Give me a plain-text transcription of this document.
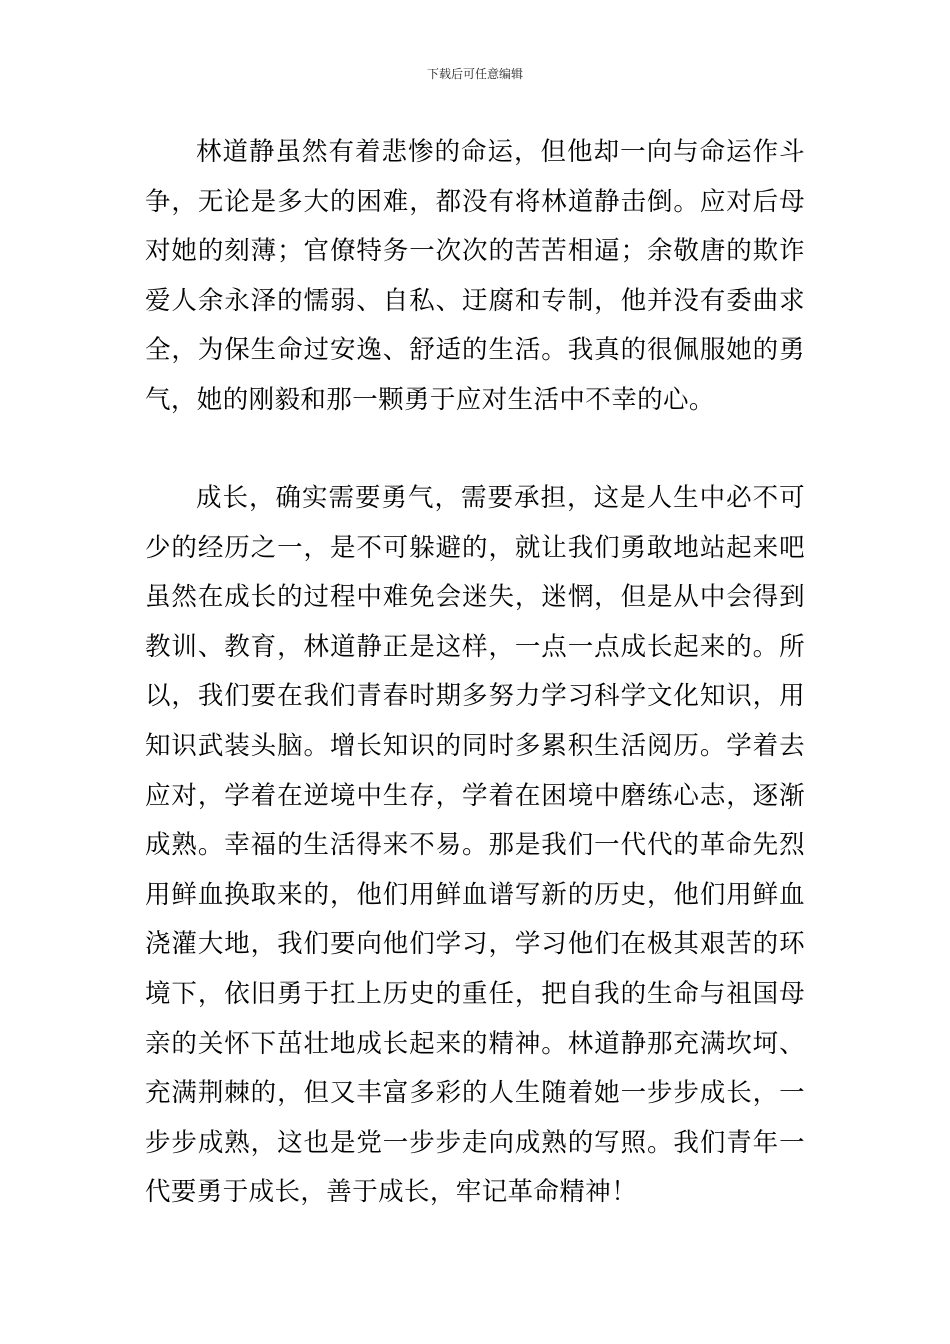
下载后可任意编辑

林道静虽然有着悲惨的命运，但他却一向与命运作斗争，无论是多大的困难，都没有将林道静击倒。应对后母对她的刻薄；官僚特务一次次的苦苦相逼；余敬唐的欺诈爱人余永泽的懦弱、自私、迂腐和专制，他并没有委曲求全，为保生命过安逸、舒适的生活。我真的很佩服她的勇气，她的刚毅和那一颗勇于应对生活中不幸的心。

成长，确实需要勇气，需要承担，这是人生中必不可少的经历之一，是不可躲避的，就让我们勇敢地站起来吧虽然在成长的过程中难免会迷失，迷惘，但是从中会得到教训、教育，林道静正是这样，一点一点成长起来的。所以，我们要在我们青春时期多努力学习科学文化知识，用知识武装头脑。增长知识的同时多累积生活阅历。学着去应对，学着在逆境中生存，学着在困境中磨练心志，逐渐成熟。幸福的生活得来不易。那是我们一代代的革命先烈用鲜血换取来的，他们用鲜血谱写新的历史，他们用鲜血浇灌大地，我们要向他们学习，学习他们在极其艰苦的环境下，依旧勇于扛上历史的重任，把自我的生命与祖国母亲的关怀下茁壮地成长起来的精神。林道静那充满坎坷、充满荆棘的，但又丰富多彩的人生随着她一步步成长，一步步成熟，这也是党一步步走向成熟的写照。我们青年一代要勇于成长，善于成长，牢记革命精神！
